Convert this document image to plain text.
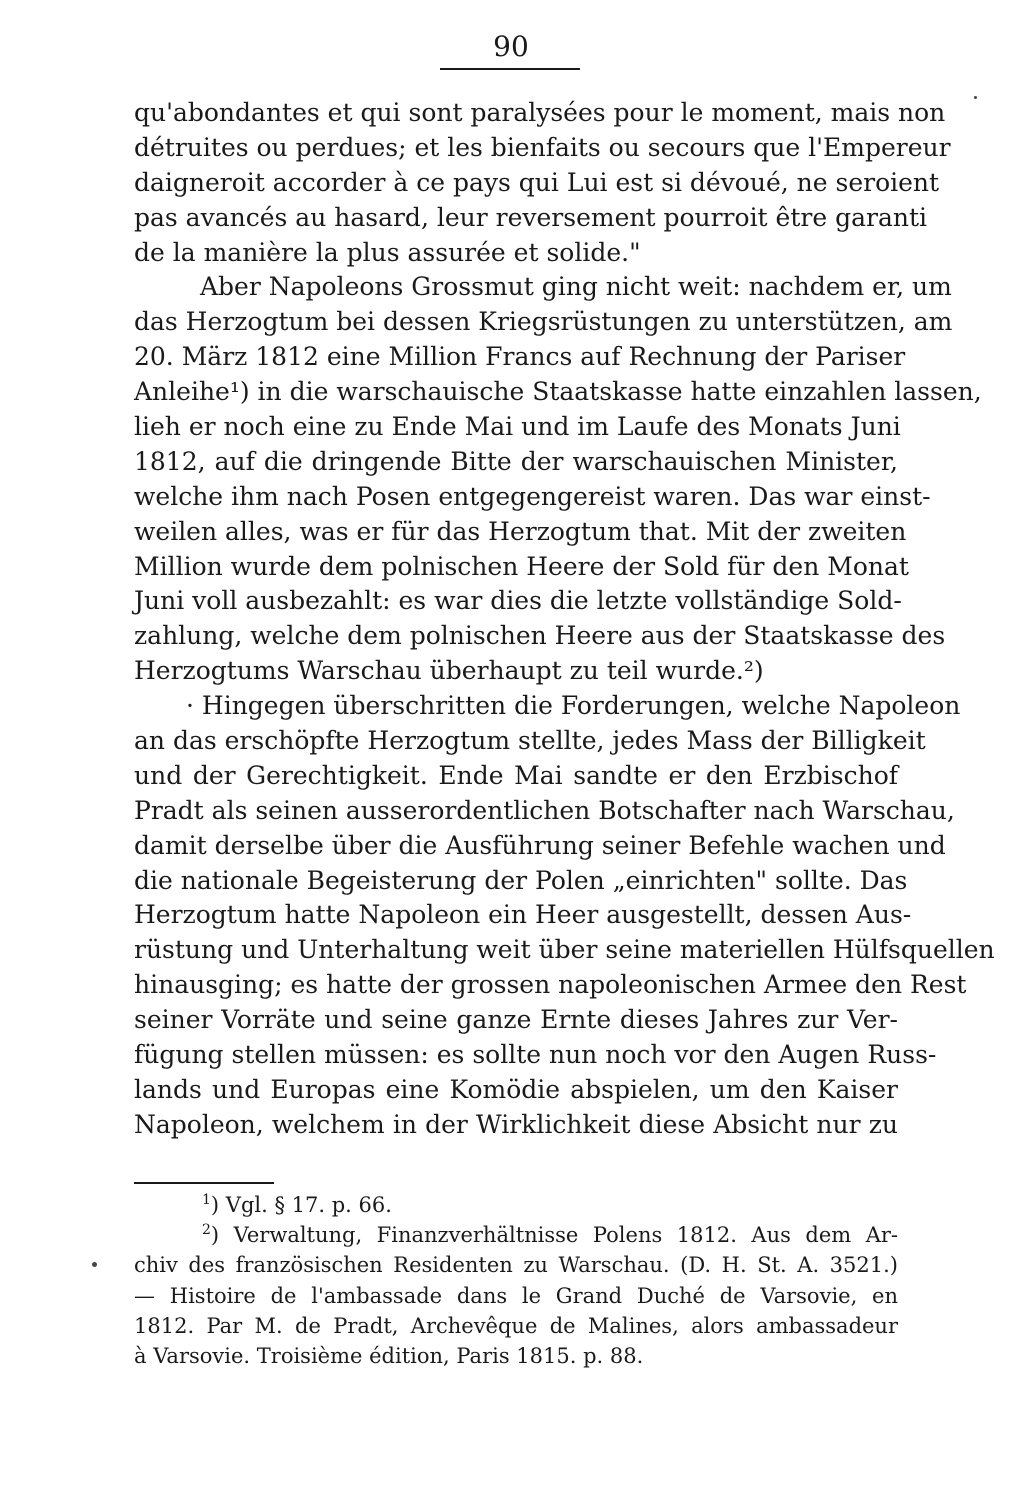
90
qu'abondantes et qui sont paralysées pour le moment, mais non
détruites ou perdues; et les bienfaits ou secours que l'Empereur
daigneroit accorder à ce pays qui Lui est si dévoué, ne seroient
pas avancés au hasard, leur reversement pourroit être garanti
de la manière la plus assurée et solide."
Aber Napoleons Grossmut ging nicht weit: nachdem er, um
das Herzogtum bei dessen Kriegsrüstungen zu unterstützen, am
20. März 1812 eine Million Francs auf Rechnung der Pariser
Anleihe¹) in die warschauische Staatskasse hatte einzahlen lassen,
lieh er noch eine zu Ende Mai und im Laufe des Monats Juni
1812, auf die dringende Bitte der warschauischen Minister,
welche ihm nach Posen entgegengereist waren. Das war einst-
weilen alles, was er für das Herzogtum that. Mit der zweiten
Million wurde dem polnischen Heere der Sold für den Monat
Juni voll ausbezahlt: es war dies die letzte vollständige Sold-
zahlung, welche dem polnischen Heere aus der Staatskasse des
Herzogtums Warschau überhaupt zu teil wurde.²)
· Hingegen überschritten die Forderungen, welche Napoleon
an das erschöpfte Herzogtum stellte, jedes Mass der Billigkeit
und der Gerechtigkeit. Ende Mai sandte er den Erzbischof
Pradt als seinen ausserordentlichen Botschafter nach Warschau,
damit derselbe über die Ausführung seiner Befehle wachen und
die nationale Begeisterung der Polen „einrichten" sollte. Das
Herzogtum hatte Napoleon ein Heer ausgestellt, dessen Aus-
rüstung und Unterhaltung weit über seine materiellen Hülfsquellen
hinausging; es hatte der grossen napoleonischen Armee den Rest
seiner Vorräte und seine ganze Ernte dieses Jahres zur Ver-
fügung stellen müssen: es sollte nun noch vor den Augen Russ-
lands und Europas eine Komödie abspielen, um den Kaiser
Napoleon, welchem in der Wirklichkeit diese Absicht nur zu
$^1$) Vgl. § 17. p. 66.
$^2$) Verwaltung, Finanzverhältnisse Polens 1812. Aus dem Ar-
chiv des französischen Residenten zu Warschau. (D. H. St. A. 3521.)
— Histoire de l'ambassade dans le Grand Duché de Varsovie, en
1812. Par M. de Pradt, Archevêque de Malines, alors ambassadeur
à Varsovie. Troisième édition, Paris 1815. p. 88.
